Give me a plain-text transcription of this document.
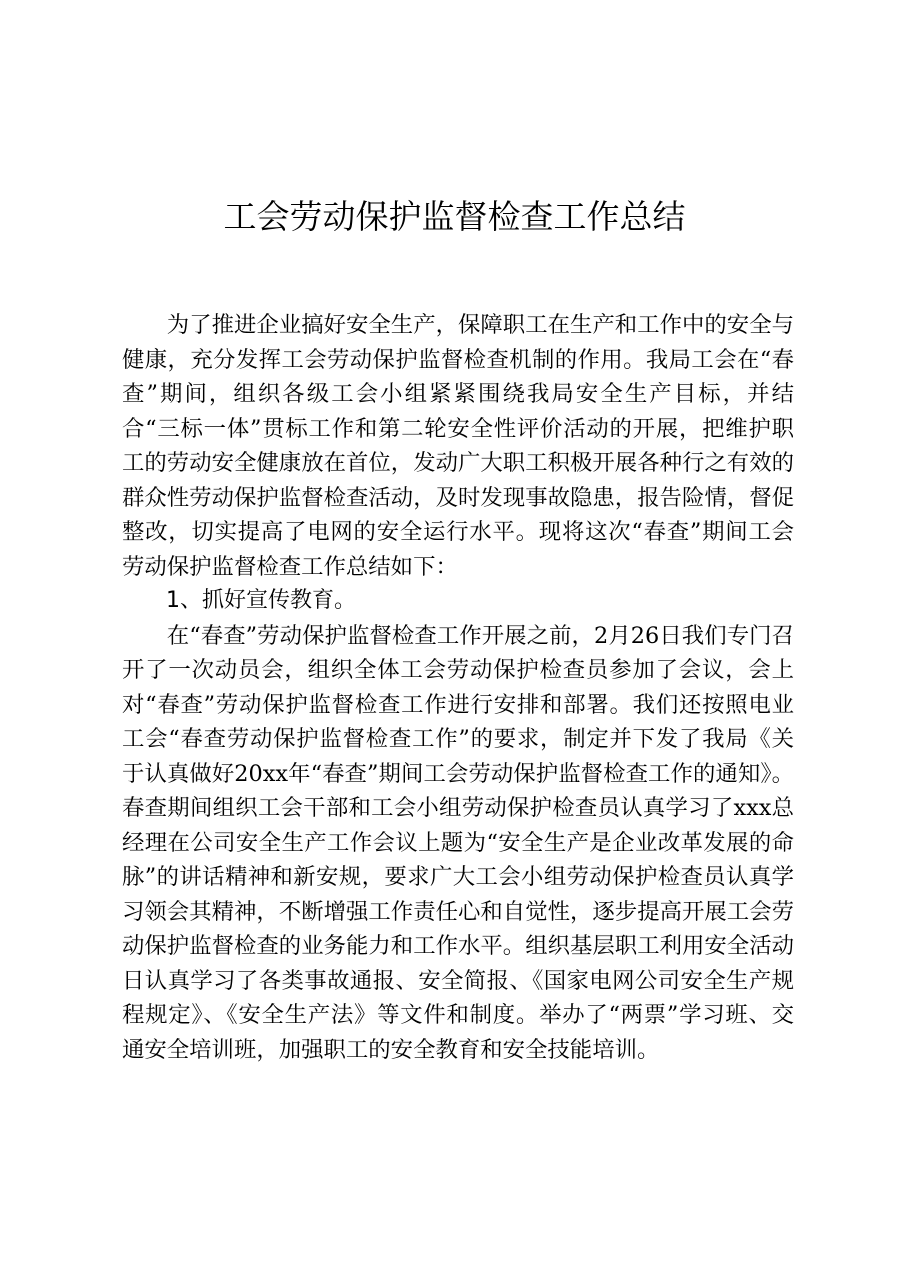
工会劳动保护监督检查工作总结

为了推进企业搞好安全生产，保障职工在生产和工作中的安全与健康，充分发挥工会劳动保护监督检查机制的作用。我局工会在“春查”期间，组织各级工会小组紧紧围绕我局安全生产目标，并结合“三标一体”贯标工作和第二轮安全性评价活动的开展，把维护职工的劳动安全健康放在首位，发动广大职工积极开展各种行之有效的群众性劳动保护监督检查活动，及时发现事故隐患，报告险情，督促整改，切实提高了电网的安全运行水平。现将这次“春查”期间工会劳动保护监督检查工作总结如下：

1、抓好宣传教育。

在“春查”劳动保护监督检查工作开展之前，2月26日我们专门召开了一次动员会，组织全体工会劳动保护检查员参加了会议，会上对“春查”劳动保护监督检查工作进行安排和部署。我们还按照电业工会“春查劳动保护监督检查工作”的要求，制定并下发了我局《关于认真做好20xx年“春查”期间工会劳动保护监督检查工作的通知》。春查期间组织工会干部和工会小组劳动保护检查员认真学习了xxx总经理在公司安全生产工作会议上题为“安全生产是企业改革发展的命脉”的讲话精神和新安规，要求广大工会小组劳动保护检查员认真学习领会其精神，不断增强工作责任心和自觉性，逐步提高开展工会劳动保护监督检查的业务能力和工作水平。组织基层职工利用安全活动日认真学习了各类事故通报、安全简报、《国家电网公司安全生产规程规定》、《安全生产法》等文件和制度。举办了“两票”学习班、交通安全培训班，加强职工的安全教育和安全技能培训。
